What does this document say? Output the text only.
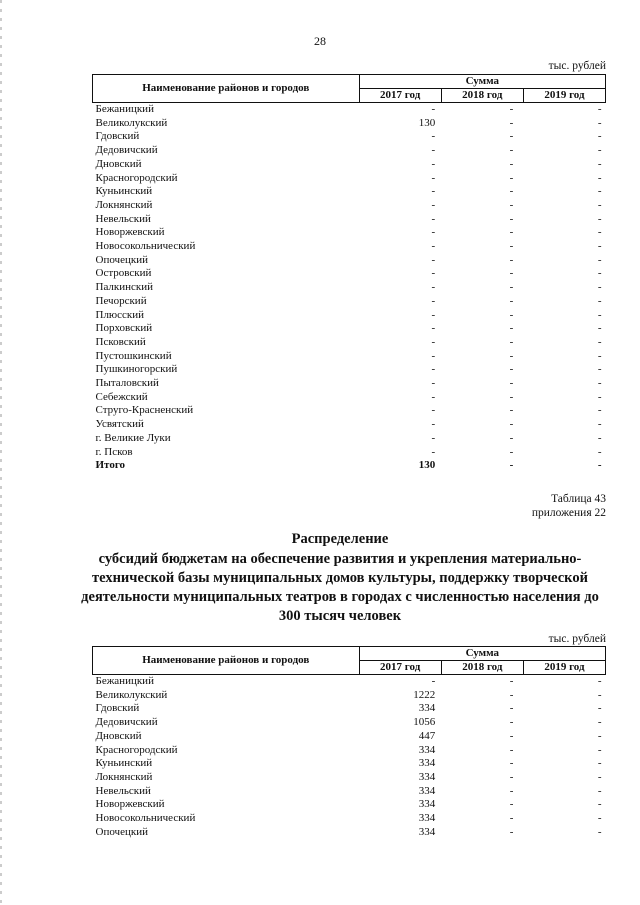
28
тыс. рублей
Наименование районов и городов	Сумма		
	2017 год	2018 год	2019 год
Бежаницкий	-	-	-
Великолукский	130	-	-
Гдовский	-	-	-
Дедовичский	-	-	-
Дновский	-	-	-
Красногородский	-	-	-
Куньинский	-	-	-
Локнянский	-	-	-
Невельский	-	-	-
Новоржевский	-	-	-
Новосокольнический	-	-	-
Опочецкий	-	-	-
Островский	-	-	-
Палкинский	-	-	-
Печорский	-	-	-
Плюсский	-	-	-
Порховский	-	-	-
Псковский	-	-	-
Пустошкинский	-	-	-
Пушкиногорский	-	-	-
Пыталовский	-	-	-
Себежский	-	-	-
Струго-Красненский	-	-	-
Усвятский	-	-	-
г. Великие Луки	-	-	-
г. Псков	-	-	-
Итого	130	-	-
Таблица 43
приложения 22
Распределение
субсидий бюджетам на обеспечение развития и укрепления материально-технической базы муниципальных домов культуры, поддержку творческой деятельности муниципальных театров в городах с численностью населения до 300 тысяч человек
тыс. рублей
Наименование районов и городов	Сумма		
	2017 год	2018 год	2019 год
Бежаницкий	-	-	-
Великолукский	1222	-	-
Гдовский	334	-	-
Дедовичский	1056	-	-
Дновский	447	-	-
Красногородский	334	-	-
Куньинский	334	-	-
Локнянский	334	-	-
Невельский	334	-	-
Новоржевский	334	-	-
Новосокольнический	334	-	-
Опочецкий	334	-	-
